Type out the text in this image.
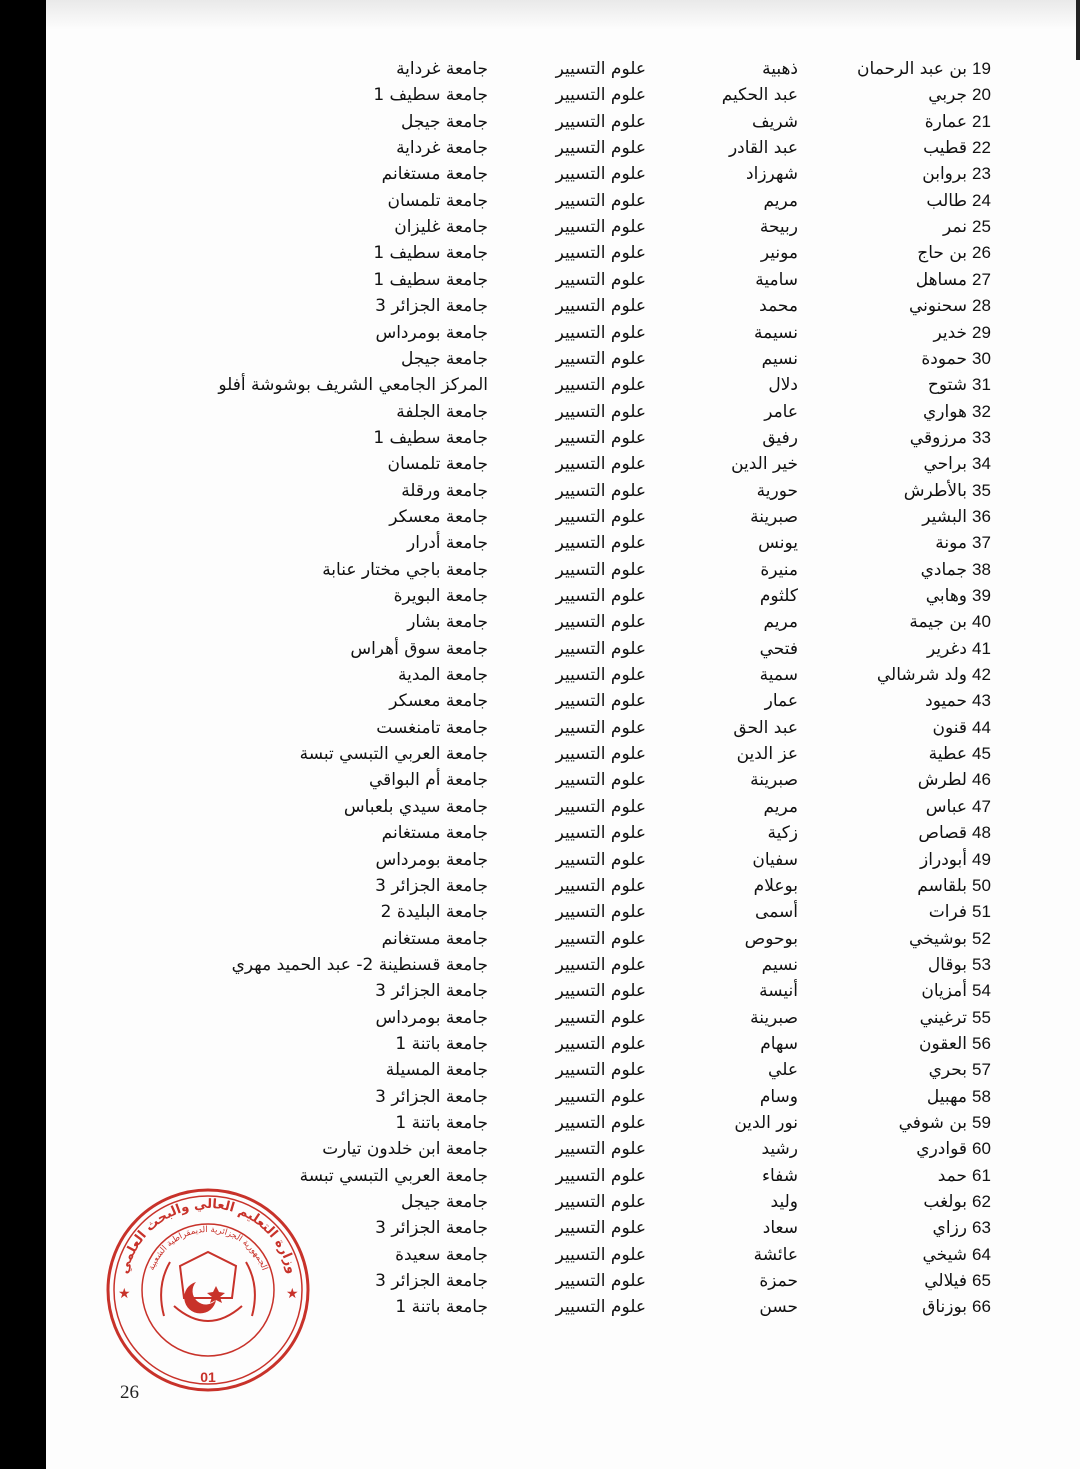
19
بن عبد الرحمان
ذهبية
علوم التسيير
جامعة غرداية
20
جربي
عبد الحكيم
علوم التسيير
جامعة سطيف 1
21
عمارة
شريف
علوم التسيير
جامعة جيجل
22
قطيب
عبد القادر
علوم التسيير
جامعة غرداية
23
بروابن
شهرزاد
علوم التسيير
جامعة مستغانم
24
طالب
مريم
علوم التسيير
جامعة تلمسان
25
نمر
ربيحة
علوم التسيير
جامعة غليزان
26
بن حاج
مونير
علوم التسيير
جامعة سطيف 1
27
مساهل
سامية
علوم التسيير
جامعة سطيف 1
28
سحنوني
محمد
علوم التسيير
جامعة الجزائر 3
29
خدير
نسيمة
علوم التسيير
جامعة بومرداس
30
حمودة
نسيم
علوم التسيير
جامعة جيجل
31
شتوح
دلال
علوم التسيير
المركز الجامعي الشريف بوشوشة أفلو
32
هواري
عامر
علوم التسيير
جامعة الجلفة
33
مرزوقي
رفيق
علوم التسيير
جامعة سطيف 1
34
براحي
خير الدين
علوم التسيير
جامعة تلمسان
35
بالأطرش
حورية
علوم التسيير
جامعة ورقلة
36
البشير
صبرينة
علوم التسيير
جامعة معسكر
37
مونة
يونس
علوم التسيير
جامعة أدرار
38
جمادي
منيرة
علوم التسيير
جامعة باجي مختار عنابة
39
وهابي
كلثوم
علوم التسيير
جامعة البويرة
40
بن جيمة
مريم
علوم التسيير
جامعة بشار
41
دغرير
فتحي
علوم التسيير
جامعة سوق أهراس
42
ولد شرشالي
سمية
علوم التسيير
جامعة المدية
43
حميود
عمار
علوم التسيير
جامعة معسكر
44
قنون
عبد الحق
علوم التسيير
جامعة تامنغست
45
عطية
عز الدين
علوم التسيير
جامعة العربي التبسي تبسة
46
لطرش
صبرينة
علوم التسيير
جامعة أم البواقي
47
عباس
مريم
علوم التسيير
جامعة سيدي بلعباس
48
قصاص
زكية
علوم التسيير
جامعة مستغانم
49
أبودراز
سفيان
علوم التسيير
جامعة بومرداس
50
بلقاسم
بوعلام
علوم التسيير
جامعة الجزائر 3
51
فرات
أسمى
علوم التسيير
جامعة البليدة 2
52
بوشيخي
بوحوص
علوم التسيير
جامعة مستغانم
53
بوقال
نسيم
علوم التسيير
جامعة قسنطينة 2- عبد الحميد مهري
54
أمزيان
أنيسة
علوم التسيير
جامعة الجزائر 3
55
ترغيني
صبرينة
علوم التسيير
جامعة بومرداس
56
العقون
سهام
علوم التسيير
جامعة باتنة 1
57
بحري
علي
علوم التسيير
جامعة المسيلة
58
مهبيل
وسام
علوم التسيير
جامعة الجزائر 3
59
بن شوفي
نور الدين
علوم التسيير
جامعة باتنة 1
60
قوادري
رشيد
علوم التسيير
جامعة ابن خلدون تيارت
61
حمد
شفاء
علوم التسيير
جامعة العربي التبسي تبسة
62
بولغب
وليد
علوم التسيير
جامعة جيجل
63
رزاي
سعاد
علوم التسيير
جامعة الجزائر 3
64
شيخي
عائشة
علوم التسيير
جامعة سعيدة
65
فيلالي
حمزة
علوم التسيير
جامعة الجزائر 3
66
بوزناق
حسن
علوم التسيير
جامعة باتنة 1
وزارة التعليم العالي والبحث العلمي
الجمهورية الجزائرية الديمقراطية الشعبية
★	★
01
26
